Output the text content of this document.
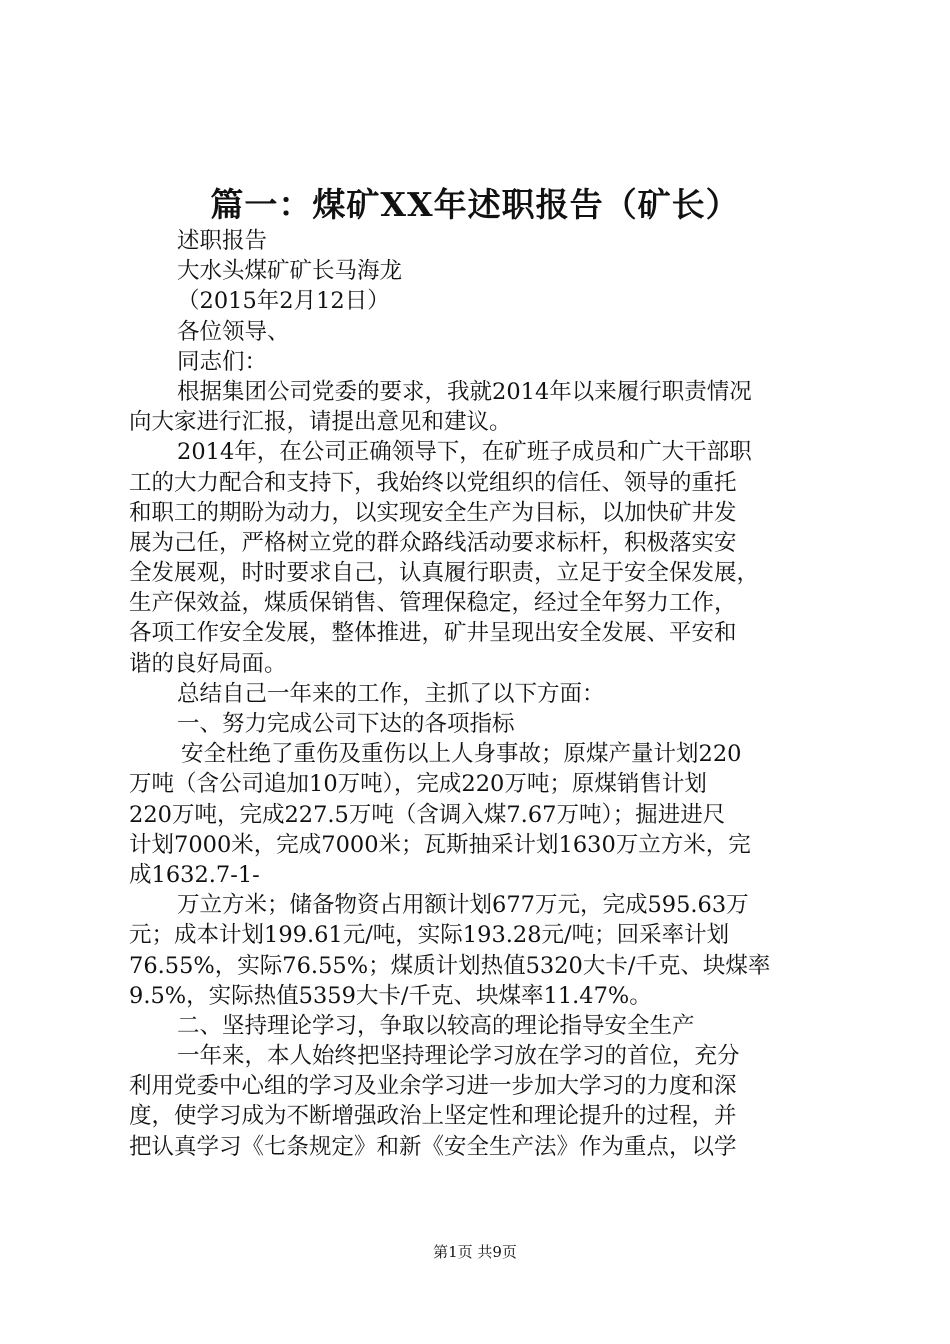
篇一：煤矿XX年述职报告（矿长）
述职报告
大水头煤矿矿长马海龙
（2015年2月12日）
各位领导、
同志们：
根据集团公司党委的要求，我就2014年以来履行职责情况
向大家进行汇报，请提出意见和建议。
2014年，在公司正确领导下，在矿班子成员和广大干部职
工的大力配合和支持下，我始终以党组织的信任、领导的重托
和职工的期盼为动力，以实现安全生产为目标，以加快矿井发
展为己任，严格树立党的群众路线活动要求标杆，积极落实安
全发展观，时时要求自己，认真履行职责，立足于安全保发展，
生产保效益，煤质保销售、管理保稳定，经过全年努力工作，
各项工作安全发展，整体推进，矿井呈现出安全发展、平安和
谐的良好局面。
总结自己一年来的工作，主抓了以下方面：
一、努力完成公司下达的各项指标
安全杜绝了重伤及重伤以上人身事故；原煤产量计划220
万吨（含公司追加10万吨），完成220万吨；原煤销售计划
220万吨，完成227.5万吨（含调入煤7.67万吨）；掘进进尺
计划7000米，完成7000米；瓦斯抽采计划1630万立方米，完
成1632.7-1-
万立方米；储备物资占用额计划677万元，完成595.63万
元；成本计划199.61元/吨，实际193.28元/吨；回采率计划
76.55%，实际76.55%；煤质计划热值5320大卡/千克、块煤率
9.5%，实际热值5359大卡/千克、块煤率11.47%。
二、坚持理论学习，争取以较高的理论指导安全生产
一年来，本人始终把坚持理论学习放在学习的首位，充分
利用党委中心组的学习及业余学习进一步加大学习的力度和深
度，使学习成为不断增强政治上坚定性和理论提升的过程，并
把认真学习《七条规定》和新《安全生产法》作为重点，以学
第1页 共9页
